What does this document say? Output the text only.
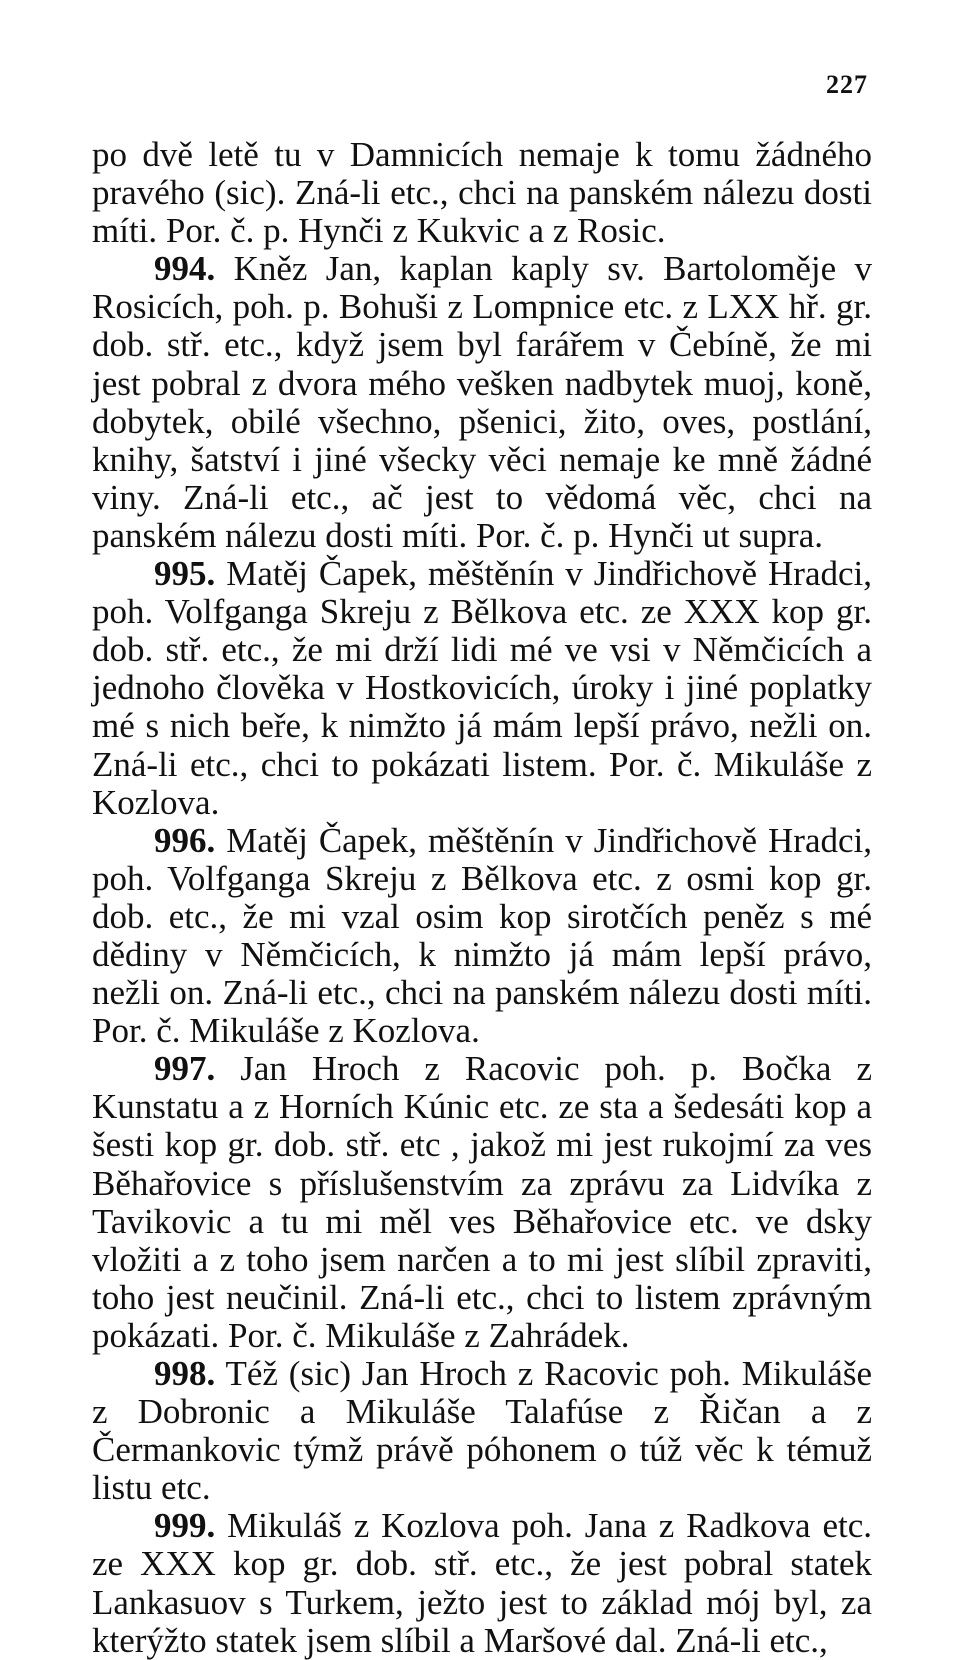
227

po dvě letě tu v Damnicích nemaje k tomu žádného pravého (sic). Zná-li etc., chci na panském nálezu dosti míti. Por. č. p. Hynči z Kukvic a z Rosic.

994. Kněz Jan, kaplan kaply sv. Bartoloměje v Rosicích, poh. p. Bohuši z Lompnice etc. z LXX hř. gr. dob. stř. etc., když jsem byl farářem v Čebíně, že mi jest pobral z dvora mého vešken nadbytek muoj, koně, dobytek, obilé všechno, pšenici, žito, oves, postlání, knihy, šatství i jiné všecky věci nemaje ke mně žádné viny. Zná-li etc., ač jest to vědomá věc, chci na panském nálezu dosti míti. Por. č. p. Hynči ut supra.

995. Matěj Čapek, měštěnín v Jindřichově Hradci, poh. Volfganga Skreju z Bělkova etc. ze XXX kop gr. dob. stř. etc., že mi drží lidi mé ve vsi v Němčicích a jednoho člověka v Hostkovicích, úroky i jiné poplatky mé s nich beře, k nimžto já mám lepší právo, nežli on. Zná-li etc., chci to pokázati listem. Por. č. Mikuláše z Kozlova.

996. Matěj Čapek, měštěnín v Jindřichově Hradci, poh. Volfganga Skreju z Bělkova etc. z osmi kop gr. dob. etc., že mi vzal osim kop sirotčích peněz s mé dědiny v Němčicích, k nimžto já mám lepší právo, nežli on. Zná-li etc., chci na panském nálezu dosti míti. Por. č. Mikuláše z Kozlova.

997. Jan Hroch z Racovic poh. p. Bočka z Kunstatu a z Horních Kúnic etc. ze sta a šedesáti kop a šesti kop gr. dob. stř. etc , jakož mi jest rukojmí za ves Běhařovice s příslušenstvím za zprávu za Lidvíka z Tavikovic a tu mi měl ves Běhařovice etc. ve dsky vložiti a z toho jsem narčen a to mi jest slíbil zpraviti, toho jest neučinil. Zná-li etc., chci to listem zprávným pokázati. Por. č. Mikuláše z Zahrádek.

998. Též (sic) Jan Hroch z Racovic poh. Mikuláše z Dobronic a Mikuláše Talafúse z Řičan a z Čermankovic týmž právě póhonem o túž věc k témuž listu etc.

999. Mikuláš z Kozlova poh. Jana z Radkova etc. ze XXX kop gr. dob. stř. etc., že jest pobral statek Lankasuov s Turkem, ježto jest to základ mój byl, za kterýžto statek jsem slíbil a Maršové dal. Zná-li etc.,
